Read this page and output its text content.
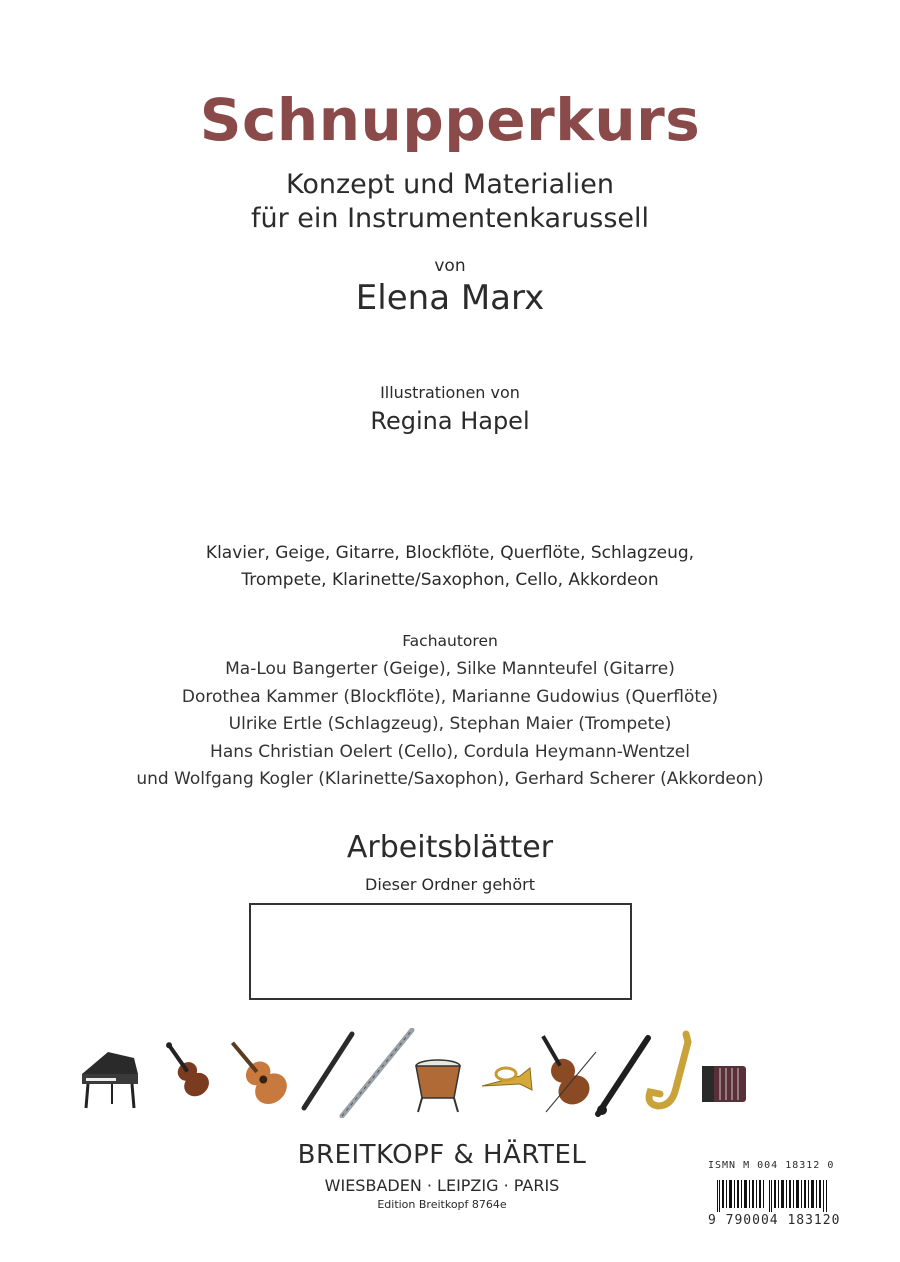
Schnupperkurs
Konzept und Materialien
für ein Instrumentenkarussell
von
Elena Marx
Illustrationen von
Regina Hapel
Klavier, Geige, Gitarre, Blockflöte, Querflöte, Schlagzeug,
Trompete, Klarinette/Saxophon, Cello, Akkordeon
Fachautoren
Ma-Lou Bangerter (Geige), Silke Mannteufel (Gitarre)
Dorothea Kammer (Blockflöte), Marianne Gudowius (Querflöte)
Ulrike Ertle (Schlagzeug), Stephan Maier (Trompete)
Hans Christian Oelert (Cello), Cordula Heymann-Wentzel
und Wolfgang Kogler (Klarinette/Saxophon), Gerhard Scherer (Akkordeon)
Arbeitsblätter
Dieser Ordner gehört
BREITKOPF & HÄRTEL
WIESBADEN · LEIPZIG · PARIS
Edition Breitkopf 8764e
ISMN M 004 18312 0
9 790004 183120
